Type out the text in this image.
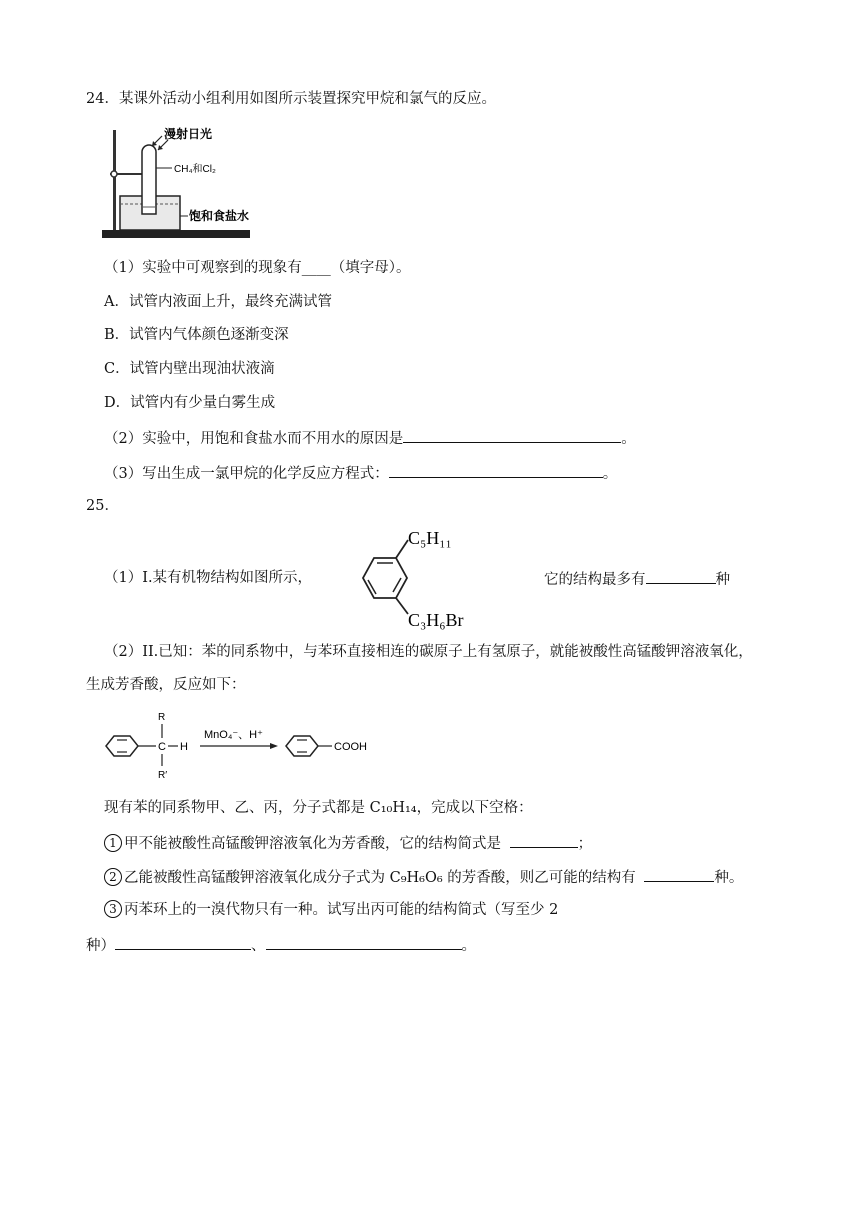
24．某课外活动小组利用如图所示装置探究甲烷和氯气的反应。
漫射日光
CH₄和Cl₂
饱和食盐水
（1）实验中可观察到的现象有____（填字母）。
A．试管内液面上升，最终充满试管
B．试管内气体颜色逐渐变深
C．试管内壁出现油状液滴
D．试管内有少量白雾生成
（2）实验中，用饱和食盐水而不用水的原因是	。
（3）写出生成一氯甲烷的化学反应方程式：	。
25．
（1）I.某有机物结构如图所示，
C₅H₁₁
C₃H₆Br
它的结构最多有	种
（2）II.已知：苯的同系物中，与苯环直接相连的碳原子上有氢原子，就能被酸性高锰酸钾溶液氧化，
生成芳香酸，反应如下：
C H
R
R′
MnO₄⁻、H⁺
COOH
现有苯的同系物甲、乙、丙，分子式都是 C₁₀H₁₄，完成以下空格：
1 甲不能被酸性高锰酸钾溶液氧化为芳香酸，它的结构简式是	；
2 乙能被酸性高锰酸钾溶液氧化成分子式为 C₉H₆O₆ 的芳香酸，则乙可能的结构有	种。
3 丙苯环上的一溴代物只有一种。试写出丙可能的结构简式（写至少 2
种）	、	。
